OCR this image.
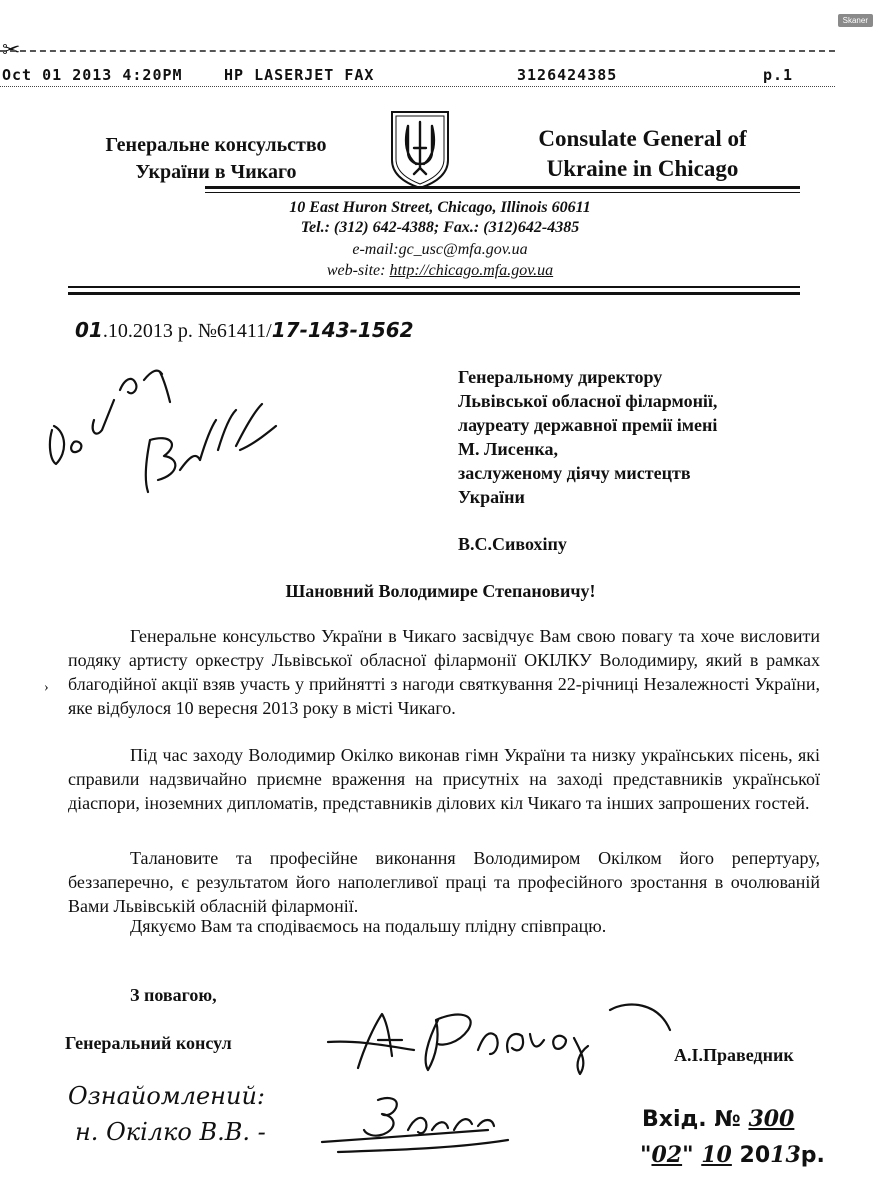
Skaner
✂
Oct 01 2013 4:20PM	HP LASERJET FAX	3126424385	p.1
Генеральне консульство
України в Чикаго
Consulate General of
Ukraine in Chicago
10 East Huron Street, Chicago, Illinois 60611
Tel.: (312) 642-4388; Fax.: (312)642-4385
e-mail:gc_usc@mfa.gov.ua
web-site: http://chicago.mfa.gov.ua
01.10.2013 р. №61411/17-143-1562
Генеральному директору
Львівської обласної філармонії,
лауреату державної премії імені
М. Лисенка,
заслуженому діячу мистецтв
України
В.С.Сивохіпу
Шановний Володимире Степановичу!
›
Генеральне консульство України в Чикаго засвідчує Вам свою повагу та хоче висловити подяку артисту оркестру Львівської обласної філармонії ОКІЛКУ Володимиру, який в рамках благодійної акції взяв участь у прийнятті з нагоди святкування 22-річниці Незалежності України, яке відбулося 10 вересня 2013 року в місті Чикаго.
Під час заходу Володимир Окілко виконав гімн України та низку українських пісень, які справили надзвичайно приємне враження на присутніх на заході представників української діаспори, іноземних дипломатів, представників ділових кіл Чикаго та інших запрошених гостей.
Талановите та професійне виконання Володимиром Окілком його репертуару, беззаперечно, є результатом його наполегливої праці та професійного зростання в очолюваній Вами Львівській обласній філармонії.
Дякуємо Вам та сподіваємось на подальшу плідну співпрацю.
З повагою,
Генеральний консул
А.І.Праведник
Ознайомлений:
н. Окілко В.В. -	Вхід. № 300
"02" 10 2013р.
